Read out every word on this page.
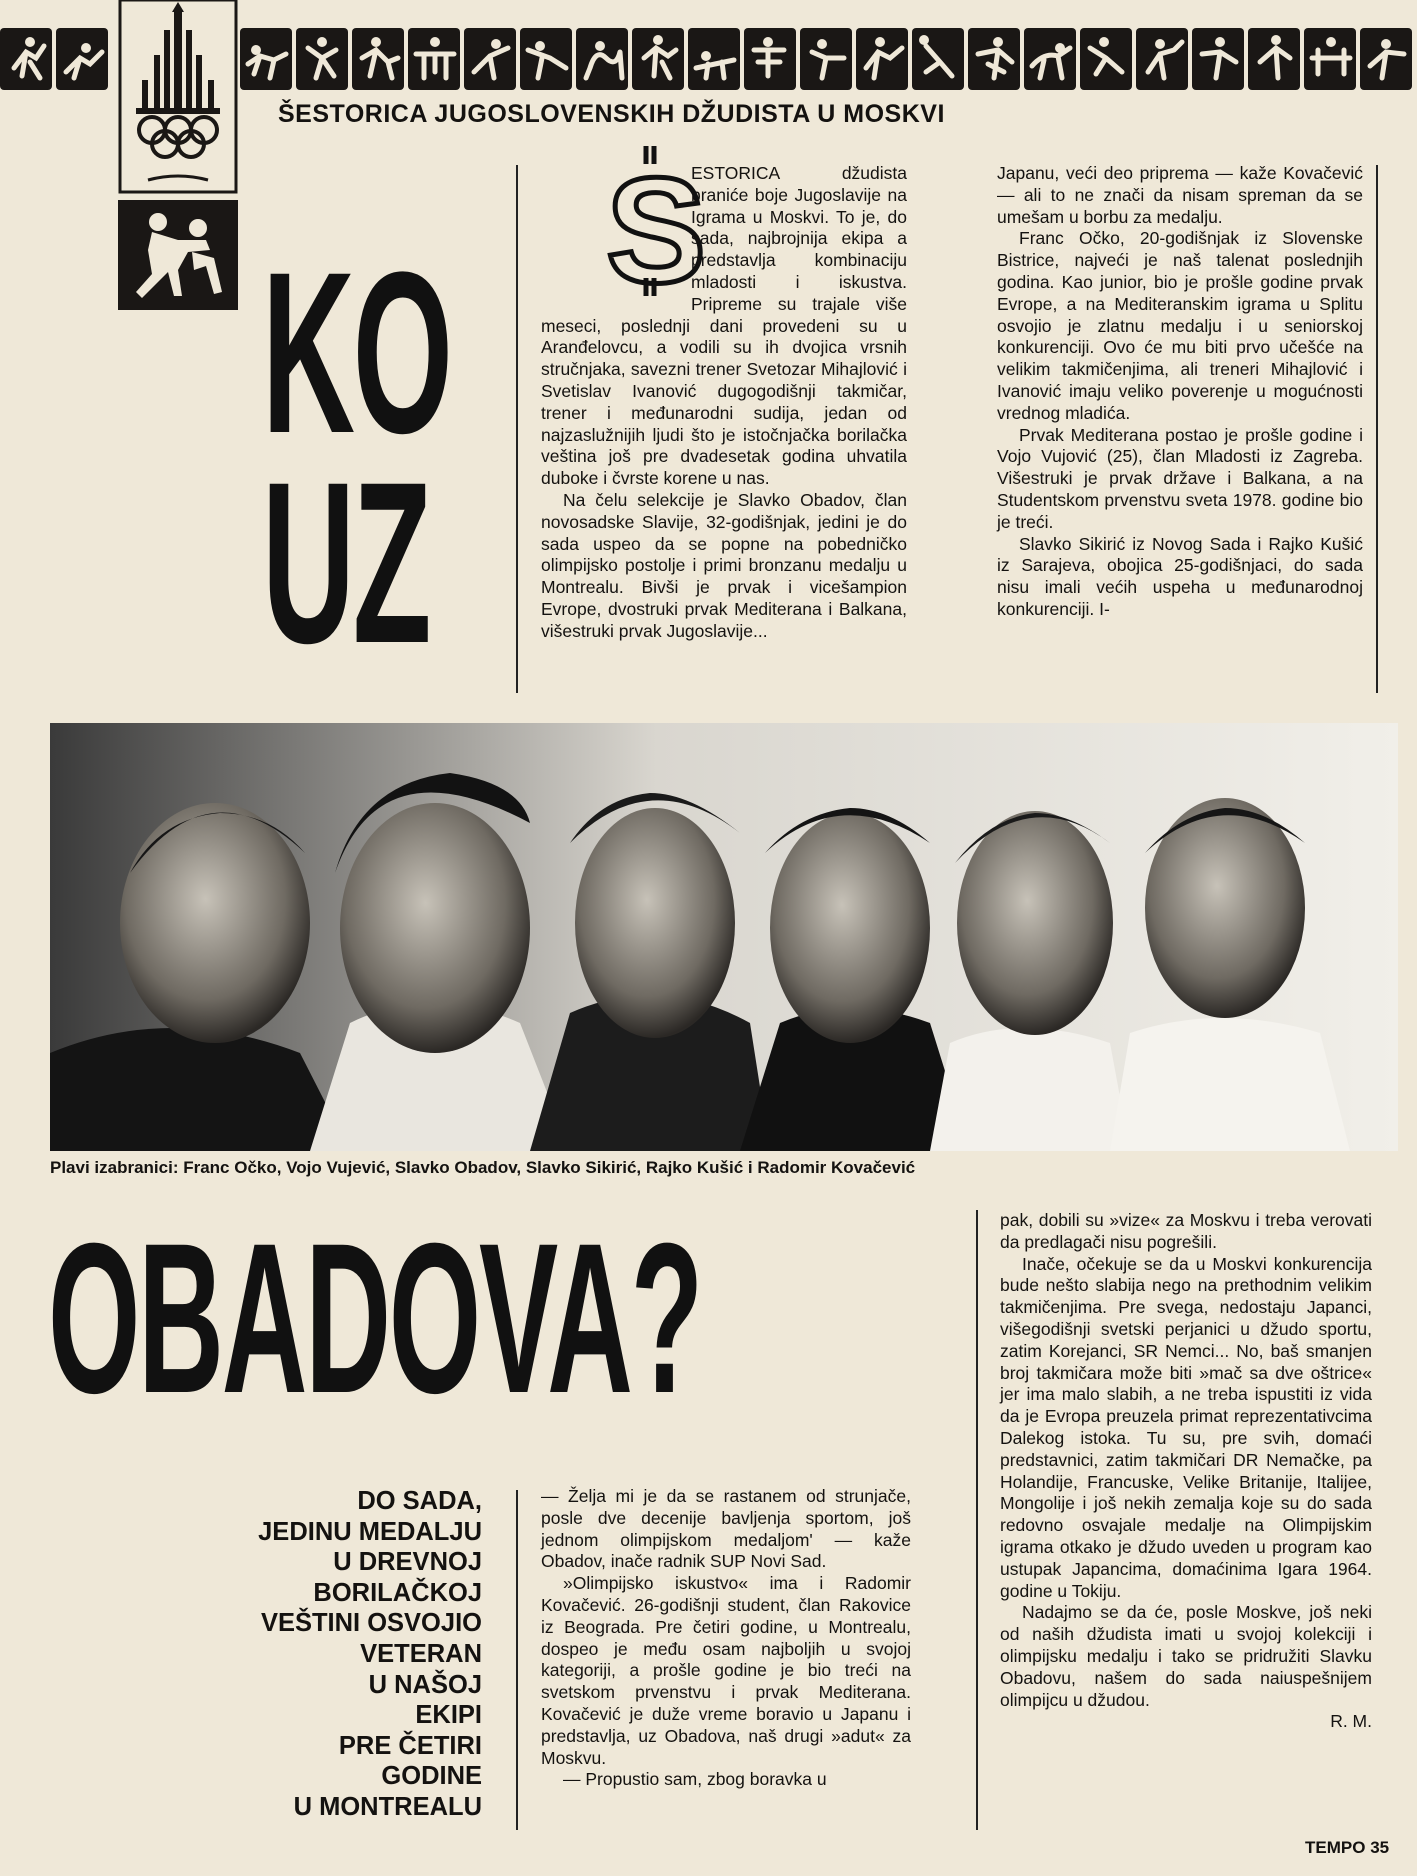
ŠESTORICA JUGOSLOVENSKIH DŽUDISTA U MOSKVI
KO
UZ
S

ESTORICA džudista braniće boje Jugoslavije na Igrama u Moskvi. To je, do sada, najbrojnija ekipa a predstavlja kombinaciju mladosti i iskustva. Pripreme su trajale više meseci, poslednji dani provedeni su u Aranđelovcu, a vodili su ih dvojica vrsnih stručnjaka, savezni trener Svetozar Mihajlović i Svetislav Ivanović dugogodišnji takmičar, trener i međunarodni sudija, jedan od najzaslužnijih ljudi što je istočnjačka borilačka veština još pre dvadesetak godina uhvatila duboke i čvrste korene u nas.

Na čelu selekcije je Slavko Obadov, član novosadske Slavije, 32-godišnjak, jedini je do sada uspeo da se popne na pobedničko olimpijsko postolje i primi bronzanu medalju u Montrealu. Bivši je prvak i vicešampion Evrope, dvostruki prvak Mediterana i Balkana, višestruki prvak Jugoslavije...

Japanu, veći deo priprema — kaže Kovačević — ali to ne znači da nisam spreman da se umešam u borbu za medalju.

Franc Očko, 20-godišnjak iz Slovenske Bistrice, najveći je naš talenat poslednjih godina. Kao junior, bio je prošle godine prvak Evrope, a na Mediteranskim igrama u Splitu osvojio je zlatnu medalju i u seniorskoj konkurenciji. Ovo će mu biti prvo učešće na velikim takmičenjima, ali treneri Mihajlović i Ivanović imaju veliko poverenje u mogućnosti vrednog mladića.

Prvak Mediterana postao je prošle godine i Vojo Vujović (25), član Mladosti iz Zagreba. Višestruki je prvak države i Balkana, a na Studentskom prvenstvu sveta 1978. godine bio je treći.

Slavko Sikirić iz Novog Sada i Rajko Kušić iz Sarajeva, obojica 25-godišnjaci, do sada nisu imali većih uspeha u međunarodnoj konkurenciji. I-

Plavi izabranici: Franc Očko, Vojo Vujević, Slavko Obadov, Slavko Sikirić, Rajko Kušić i Radomir Kovačević
OBADOVA?
DO SADA,
JEDINU MEDALJU
U DREVNOJ
BORILAČKOJ
VEŠTINI OSVOJIO
VETERAN
U NAŠOJ
EKIPI
PRE ČETIRI
GODINE
U MONTREALU

— Želja mi je da se rastanem od strunjače, posle dve decenije bavljenja sportom, još jednom olimpijskom medaljom' — kaže Obadov, inače radnik SUP Novi Sad.

»Olimpijsko iskustvo« ima i Radomir Kovačević. 26-godišnji student, član Rakovice iz Beograda. Pre četiri godine, u Montrealu, dospeo je među osam najboljih u svojoj kategoriji, a prošle godine je bio treći na svetskom prvenstvu i prvak Mediterana. Kovačević je duže vreme boravio u Japanu i predstavlja, uz Obadova, naš drugi »adut« za Moskvu.

— Propustio sam, zbog boravka u

pak, dobili su »vize« za Moskvu i treba verovati da predlagači nisu pogrešili.

Inače, očekuje se da u Moskvi konkurencija bude nešto slabija nego na prethodnim velikim takmičenjima. Pre svega, nedostaju Japanci, višegodišnji svetski perjanici u džudo sportu, zatim Korejanci, SR Nemci... No, baš smanjen broj takmičara može biti »mač sa dve oštrice« jer ima malo slabih, a ne treba ispustiti iz vida da je Evropa preuzela primat reprezentativcima Dalekog istoka. Tu su, pre svih, domaći predstavnici, zatim takmičari DR Nemačke, pa Holandije, Francuske, Velike Britanije, Italijee, Mongolije i još nekih zemalja koje su do sada redovno osvajale medalje na Olimpijskim igrama otkako je džudo uveden u program kao ustupak Japancima, domaćinima Igara 1964. godine u Tokiju.

Nadajmo se da će, posle Moskve, još neki od naših džudista imati u svojoj kolekciji i olimpijsku medalju i tako se pridružiti Slavku Obadovu, našem do sada naiuspešnijem olimpijcu u džudou.

R. M.
TEMPO 35
